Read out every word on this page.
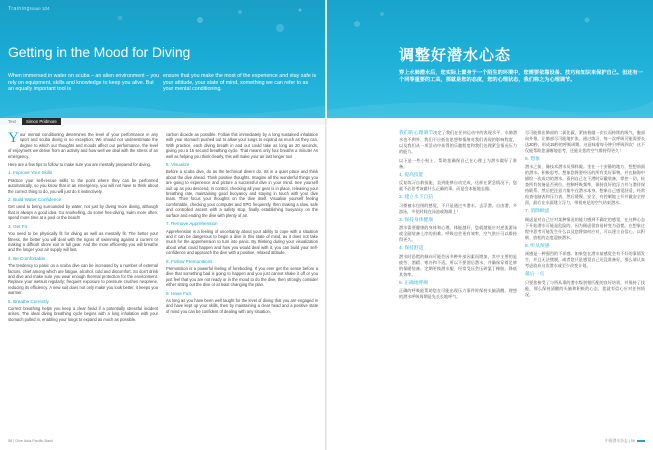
Training Issue 104
Getting in the Mood for Diving

When immersed in water on scuba – an alien environment – you rely on equipment, skills and knowledge to keep you alive. But an equally important tool is

ensure that you make the most of the experience and stay safe is your attitude, your state of mind, something we can refer to as your mental conditioning.

Text	Simon Pridmore

Your mental conditioning determines the level of your performance in any sport and scuba diving is no exception. We should not underestimate the degree to which our thoughts and moods affect our performance, the level of enjoyment we derive from an activity and how well we deal with the stress of an emergency.

Here are a few tips to follow to make sure you are mentally prepared for diving.

1. Improve Your Skills

Practice your self-rescue skills to the point where they can be performed automatically, so you know that in an emergency, you will not have to think about the correct thing to do, you will just do it instinctively.

2. Build Water Confidence

Get used to being surrounded by water, not just by diving more diving, although that is always a good idea. Go snorkelling, do some free-diving, swim more often, spend more time at a pool or the beach!

3. Get Fit

You need to be physically fit for diving as well as mentally fit. The better your fitness, the better you will deal with the rigors of swimming against a current or making a difficult shore exit in full gear. And the more efficiently you will breathe and the longer your air supply will last.

4. Be Comfortable

The tendency to panic on a scuba dive can be increased by a number of external factors, chief among which are fatigue, alcohol, cold and discomfort. So don't drink and dive and make sure you wear enough thermal protection for the environment. Replace your wetsuit regularly; frequent exposure to pressure crushes neoprene, reducing its efficiency. A new suit does not only make you look better, it keeps you warmer.

5. Breathe Correctly

Correct breathing helps you keep a clear head if a potentially stressful incident arises. The ideal diving breathing cycle begins with a long inhalation with your stomach pulled in, enabling your lungs to expand as much as possible.

carbon dioxide as possible. Follow this immediately by a long sustained inhalation with your stomach pushed out to allow your lungs to expand as much as they can. With practice, each diving breath in and out could take as long as 20 seconds, giving you a 15 second breathing cycle. That means only four breaths a minute! As well as helping you think clearly, this will make your air last longer too!

6. Visualize

Before a scuba dive, do as the technical divers do. Sit in a quiet place and think about the dive ahead. Think positive thoughts. Imagine all the wonderful things you are going to experience and picture a successful dive in your mind. See yourself suit up as you descend, in control, checking all your gear is in place, releasing your breathing rate, maintaining good buoyancy and staying in touch with your dive team. Then focus your thoughts on the dive itself. Visualise yourself feeling comfortable, checking your computer and SPG frequently, then making a slow, safe and controlled ascent with a safety stop, finally establishing buoyancy on the surface and ending the dive with plenty of air.

7. Remove Apprehension

Apprehension is a feeling of uncertainty about your ability to cope with a situation and it can be dangerous to begin a dive in this state of mind, as it does not take much for the apprehension to turn into panic. By thinking during your visualization about what could happen and how you would deal with it, you can build your self-confidence and approach the dive with a positive, relaxed attitude.

8. Follow Premonitions

Premonition is a powerful feeling of foreboding. If you ever get the sense before a dive that something bad is going to happen and you just cannot shake it off or you just feel that you are not ready or in the mood to do the dive, then strongly consider either sitting out the dive or at least changing the plan.

9. Have Fun

As long as you have been well taught for the level of diving that you are engaged in and have kept up your skills, then by maintaining a clear head and a positive state of mind you can be confident of dealing with any situation.

58 | Dive Asia Pacific Bank
调整好潜水心态

穿上水肺潜水后，您实际上置身于一个陌生的环境中，您需要依靠设备、技巧和知识来保护自己。但还有一个同等重要的工具，那就是您的态度，您的心理状态，我们称之为心理调节。

我们的心理调节决定了我们在任何运动中的表现水平，水肺潜水也不例外。我们不应低估思想和情绪对我们表现的影响程度，以及我们从一项活动中获得的乐趣程度和我们处理紧急情况压力的能力。

以下是一些小贴士，帮助您确保自己在心理上为潜水做好了准备。

1. 提高技能

反复练习自救技能，直到能够自动完成，这样在紧急情况下，您就不必思考该做什么正确的事，而是会本能地去做。

2. 建立水下自信

习惯被水包围的感觉，不只是通过多潜水。去浮潜、自由潜，多游泳，多花时间在泳池或海滩上！

3. 保持身体健康

潜水需要健康的身体和心理。体能越好，您就越能应对逆流游泳或全副装备上岸的困难。呼吸也会更有效率，空气供应可以维持得更久。

4. 保持舒适

潜水时恐慌的倾向可能会因多种外部因素而增加，其中主要的是疲劳、酒精、寒冷和不适。所以不要酒后潜水，并确保穿着足够的保暖装备。定期更换潜水服，经常受压会压碎氯丁橡胶，降低其效率。

5. 正确地呼吸

正确的呼吸能帮助您在可能出现压力事件时保持头脑清醒。理想的潜水呼吸周期是先长长地呼气。

尽可能排出肺部的二氧化碳，紧接着做一次长而持续的吸气，腹部向外推，让肺部尽可能地扩张。通过练习，每一次呼吸可能需要长达20秒，形成15秒的呼吸周期。这意味着每分钟只呼吸四次！这不仅能帮助您清晰地思考，还能让您的空气维持得更久！

6. 想象

潜水之前，像技术潜水员那样做。坐在一个安静的地方，想想前面的潜水。积极思考。想象您将要经历的所有美好事物，并在脑海中描绘一次成功的潜水。看到自己在下潜时穿戴装备，掌控一切，检查所有装备是否到位，控制呼吸频率，保持良好的浮力并与潜伴保持联系。然后把注意力集中在潜水本身。想象自己感觉舒适，经常检查电脑表和压力表，然后缓慢、安全、有控制地上升并做安全停留，最后在水面建立浮力，带着充足的空气结束潜水。

7. 消除顾虑

顾虑是对自己应对某种情况的能力感到不确定的感觉，在这种心态下开始潜水可能是危险的，因为顾虑很容易转变为恐慌。在想象过程中思考可能发生什么以及您将如何应对，可以建立自信心，以积极、放松的态度迎接潜水。

8. 听从预感

预感是一种强烈的不祥感。如果您在潜水前感觉会有不好的事情发生，并且无法摆脱，或者您只是感觉自己还没准备好，那么请认真考虑放弃这次潜水或至少改变计划。

最后一点

只要您接受了与所从事的潜水级别相匹配的良好培训，并保持了技能，那么保持清醒的头脑和积极的心态，您就有信心应对任何情况。

中国潜水杂志 | 59
